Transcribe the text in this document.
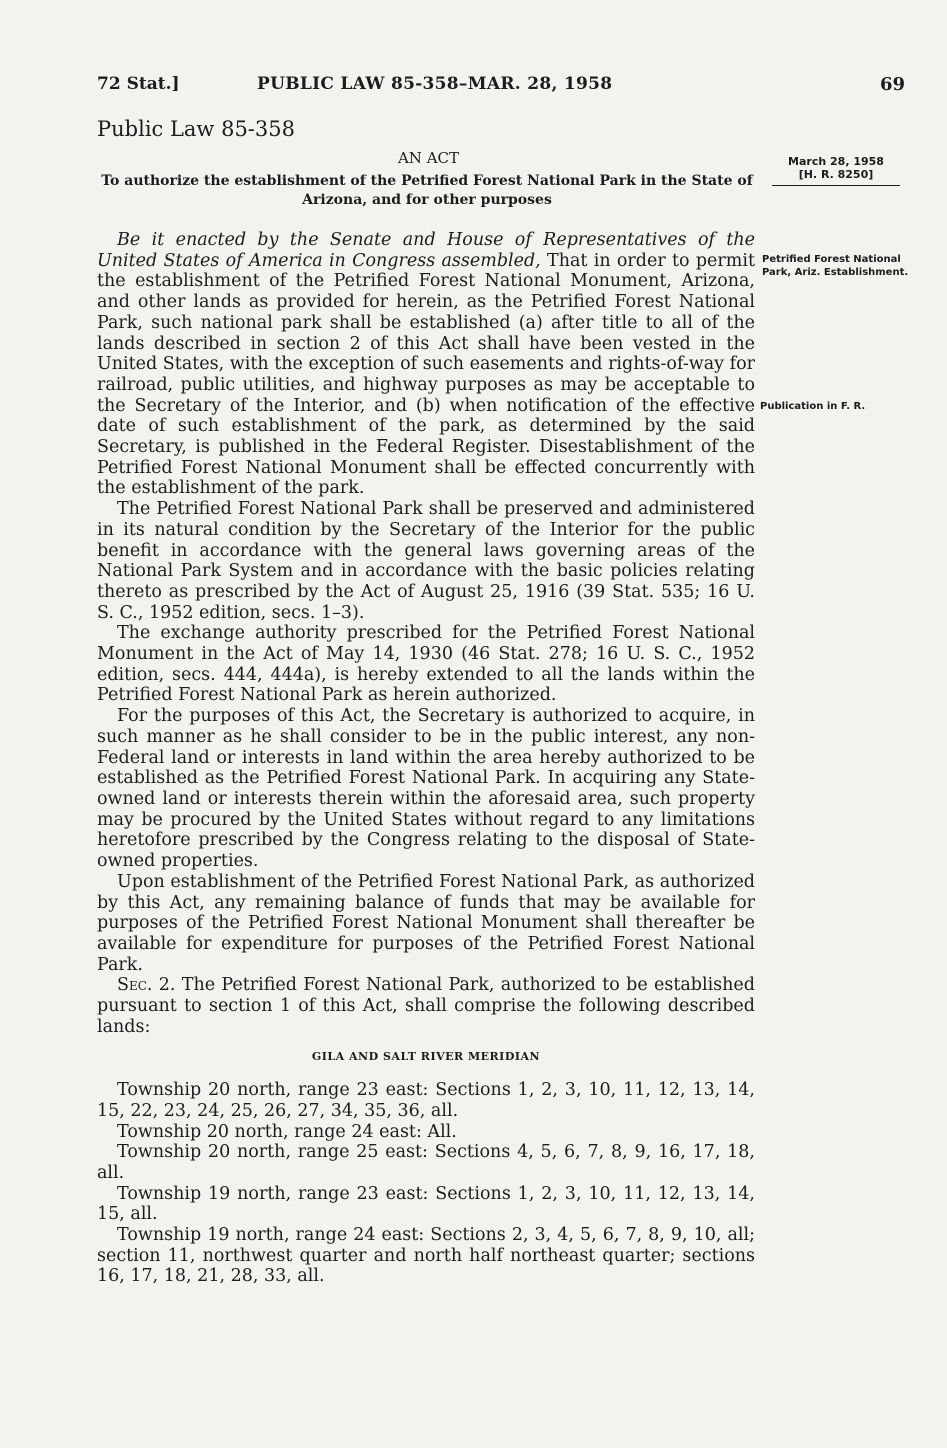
72 Stat.]	PUBLIC LAW 85-358–MAR. 28, 1958	69
Public Law 85-358
AN ACT
To authorize the establishment of the Petrified Forest National Park in the State of Arizona, and for other purposes
March 28, 1958
[H. R. 8250]
Petrified Forest National Park, Ariz. Establishment.
Publication in F. R.

Be it enacted by the Senate and House of Representatives of the United States of America in Congress assembled, That in order to permit the establishment of the Petrified Forest National Monument, Arizona, and other lands as provided for herein, as the Petrified Forest National Park, such national park shall be established (a) after title to all of the lands described in section 2 of this Act shall have been vested in the United States, with the exception of such easements and rights-of-way for railroad, public utilities, and highway purposes as may be acceptable to the Secretary of the Interior, and (b) when notification of the effective date of such establishment of the park, as determined by the said Secretary, is published in the Federal Register. Disestablishment of the Petrified Forest National Monument shall be effected concurrently with the establishment of the park.

The Petrified Forest National Park shall be preserved and administered in its natural condition by the Secretary of the Interior for the public benefit in accordance with the general laws governing areas of the National Park System and in accordance with the basic policies relating thereto as prescribed by the Act of August 25, 1916 (39 Stat. 535; 16 U. S. C., 1952 edition, secs. 1–3).

The exchange authority prescribed for the Petrified Forest National Monument in the Act of May 14, 1930 (46 Stat. 278; 16 U. S. C., 1952 edition, secs. 444, 444a), is hereby extended to all the lands within the Petrified Forest National Park as herein authorized.

For the purposes of this Act, the Secretary is authorized to acquire, in such manner as he shall consider to be in the public interest, any non-Federal land or interests in land within the area hereby authorized to be established as the Petrified Forest National Park. In acquiring any State-owned land or interests therein within the aforesaid area, such property may be procured by the United States without regard to any limitations heretofore prescribed by the Congress relating to the disposal of State-owned properties.

Upon establishment of the Petrified Forest National Park, as authorized by this Act, any remaining balance of funds that may be available for purposes of the Petrified Forest National Monument shall thereafter be available for expenditure for purposes of the Petrified Forest National Park.

Sec. 2. The Petrified Forest National Park, authorized to be established pursuant to section 1 of this Act, shall comprise the following described lands:

GILA AND SALT RIVER MERIDIAN

Township 20 north, range 23 east: Sections 1, 2, 3, 10, 11, 12, 13, 14, 15, 22, 23, 24, 25, 26, 27, 34, 35, 36, all.

Township 20 north, range 24 east: All.

Township 20 north, range 25 east: Sections 4, 5, 6, 7, 8, 9, 16, 17, 18, all.

Township 19 north, range 23 east: Sections 1, 2, 3, 10, 11, 12, 13, 14, 15, all.

Township 19 north, range 24 east: Sections 2, 3, 4, 5, 6, 7, 8, 9, 10, all; section 11, northwest quarter and north half northeast quarter; sections 16, 17, 18, 21, 28, 33, all.
